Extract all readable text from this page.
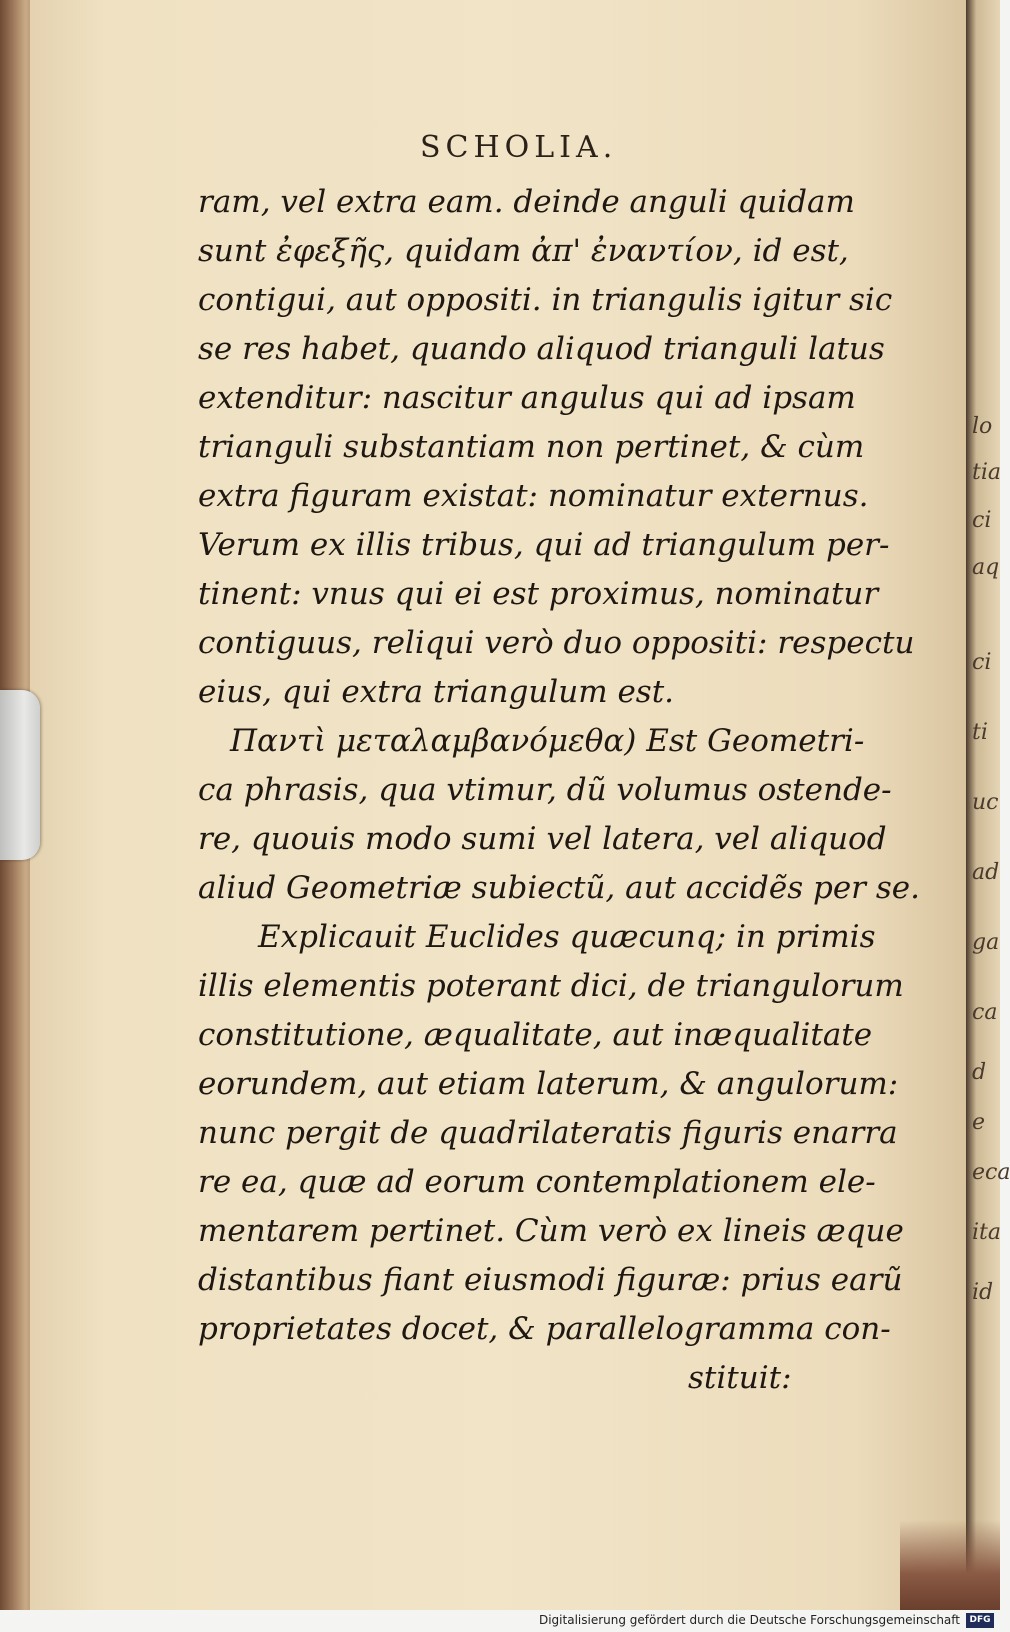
lo
tia
ci
aq
ci
ti
uc
ad
ga
ca
d
e
eca
ita
id
SCHOLIA.
ram, vel extra eam. deinde anguli quidam
sunt ἐφεξῆς, quidam ἀπ' ἐναντίον, id est,
contigui, aut oppositi. in triangulis igitur sic
se res habet, quando aliquod trianguli latus
extenditur: nascitur angulus qui ad ipsam
trianguli substantiam non pertinet, & cùm
extra figuram existat: nominatur externus.
Verum ex illis tribus, qui ad triangulum per-
tinent: vnus qui ei est proximus, nominatur
contiguus, reliqui verò duo oppositi: respectu
eius, qui extra triangulum est.
Παντὶ μεταλαμβανόμεθα) Est Geometri-
ca phrasis, qua vtimur, dũ volumus ostende-
re, quouis modo sumi vel latera, vel aliquod
aliud Geometriæ subiectũ, aut accidẽs per se.
Explicauit Euclides quæcunq; in primis
illis elementis poterant dici, de triangulorum
constitutione, æqualitate, aut inæqualitate
eorundem, aut etiam laterum, & angulorum:
nunc pergit de quadrilateratis figuris enarra
re ea, quæ ad eorum contemplationem ele-
mentarem pertinet. Cùm verò ex lineis æque
distantibus fiant eiusmodi figuræ: prius earũ
proprietates docet, & parallelogramma con-
stituit:
Digitalisierung gefördert durch die Deutsche Forschungsgemeinschaft	DFG
